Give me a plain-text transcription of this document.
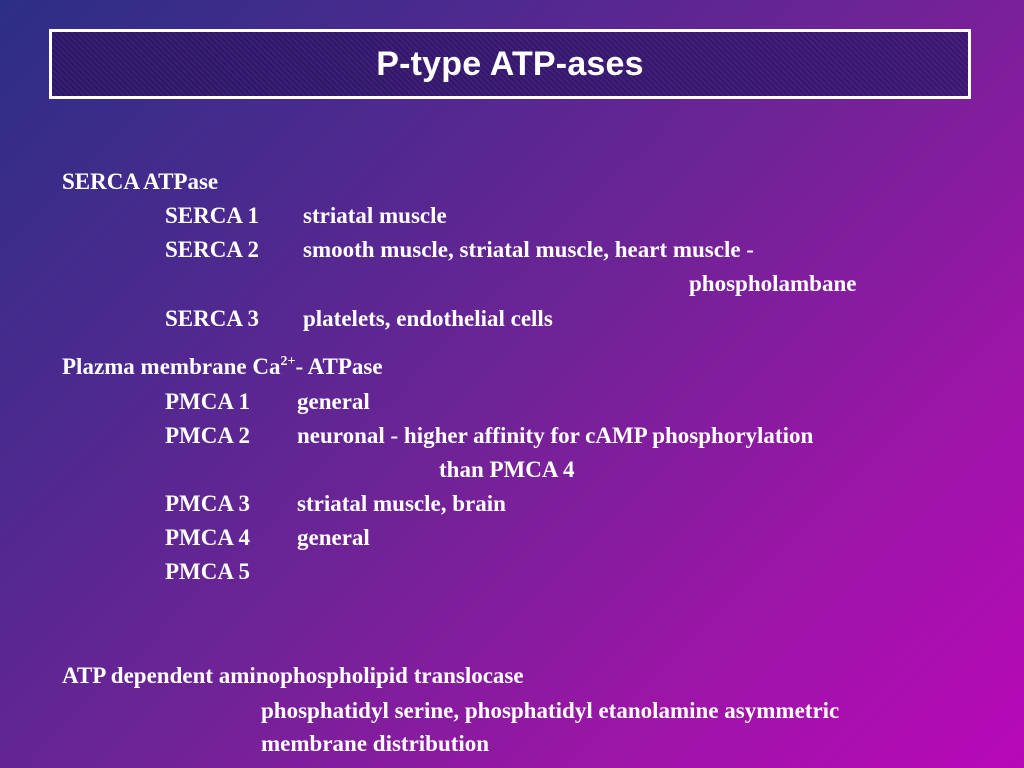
P-type ATP-ases
SERCA ATPase
SERCA 1 striatal muscle
SERCA 2 smooth muscle, striatal muscle, heart muscle -
phospholambane
SERCA 3 platelets, endothelial cells
Plazma membrane $Ca^{2+}-$ ATPase
PMCA 1 general
PMCA 2 neuronal - higher affinity for cAMP phosphorylation
than PMCA 4
PMCA 3 striatal muscle, brain
PMCA 4 general
PMCA 5
ATP dependent aminophospholipid translocase
phosphatidyl serine, phosphatidyl etanolamine asymmetric
membrane distribution
